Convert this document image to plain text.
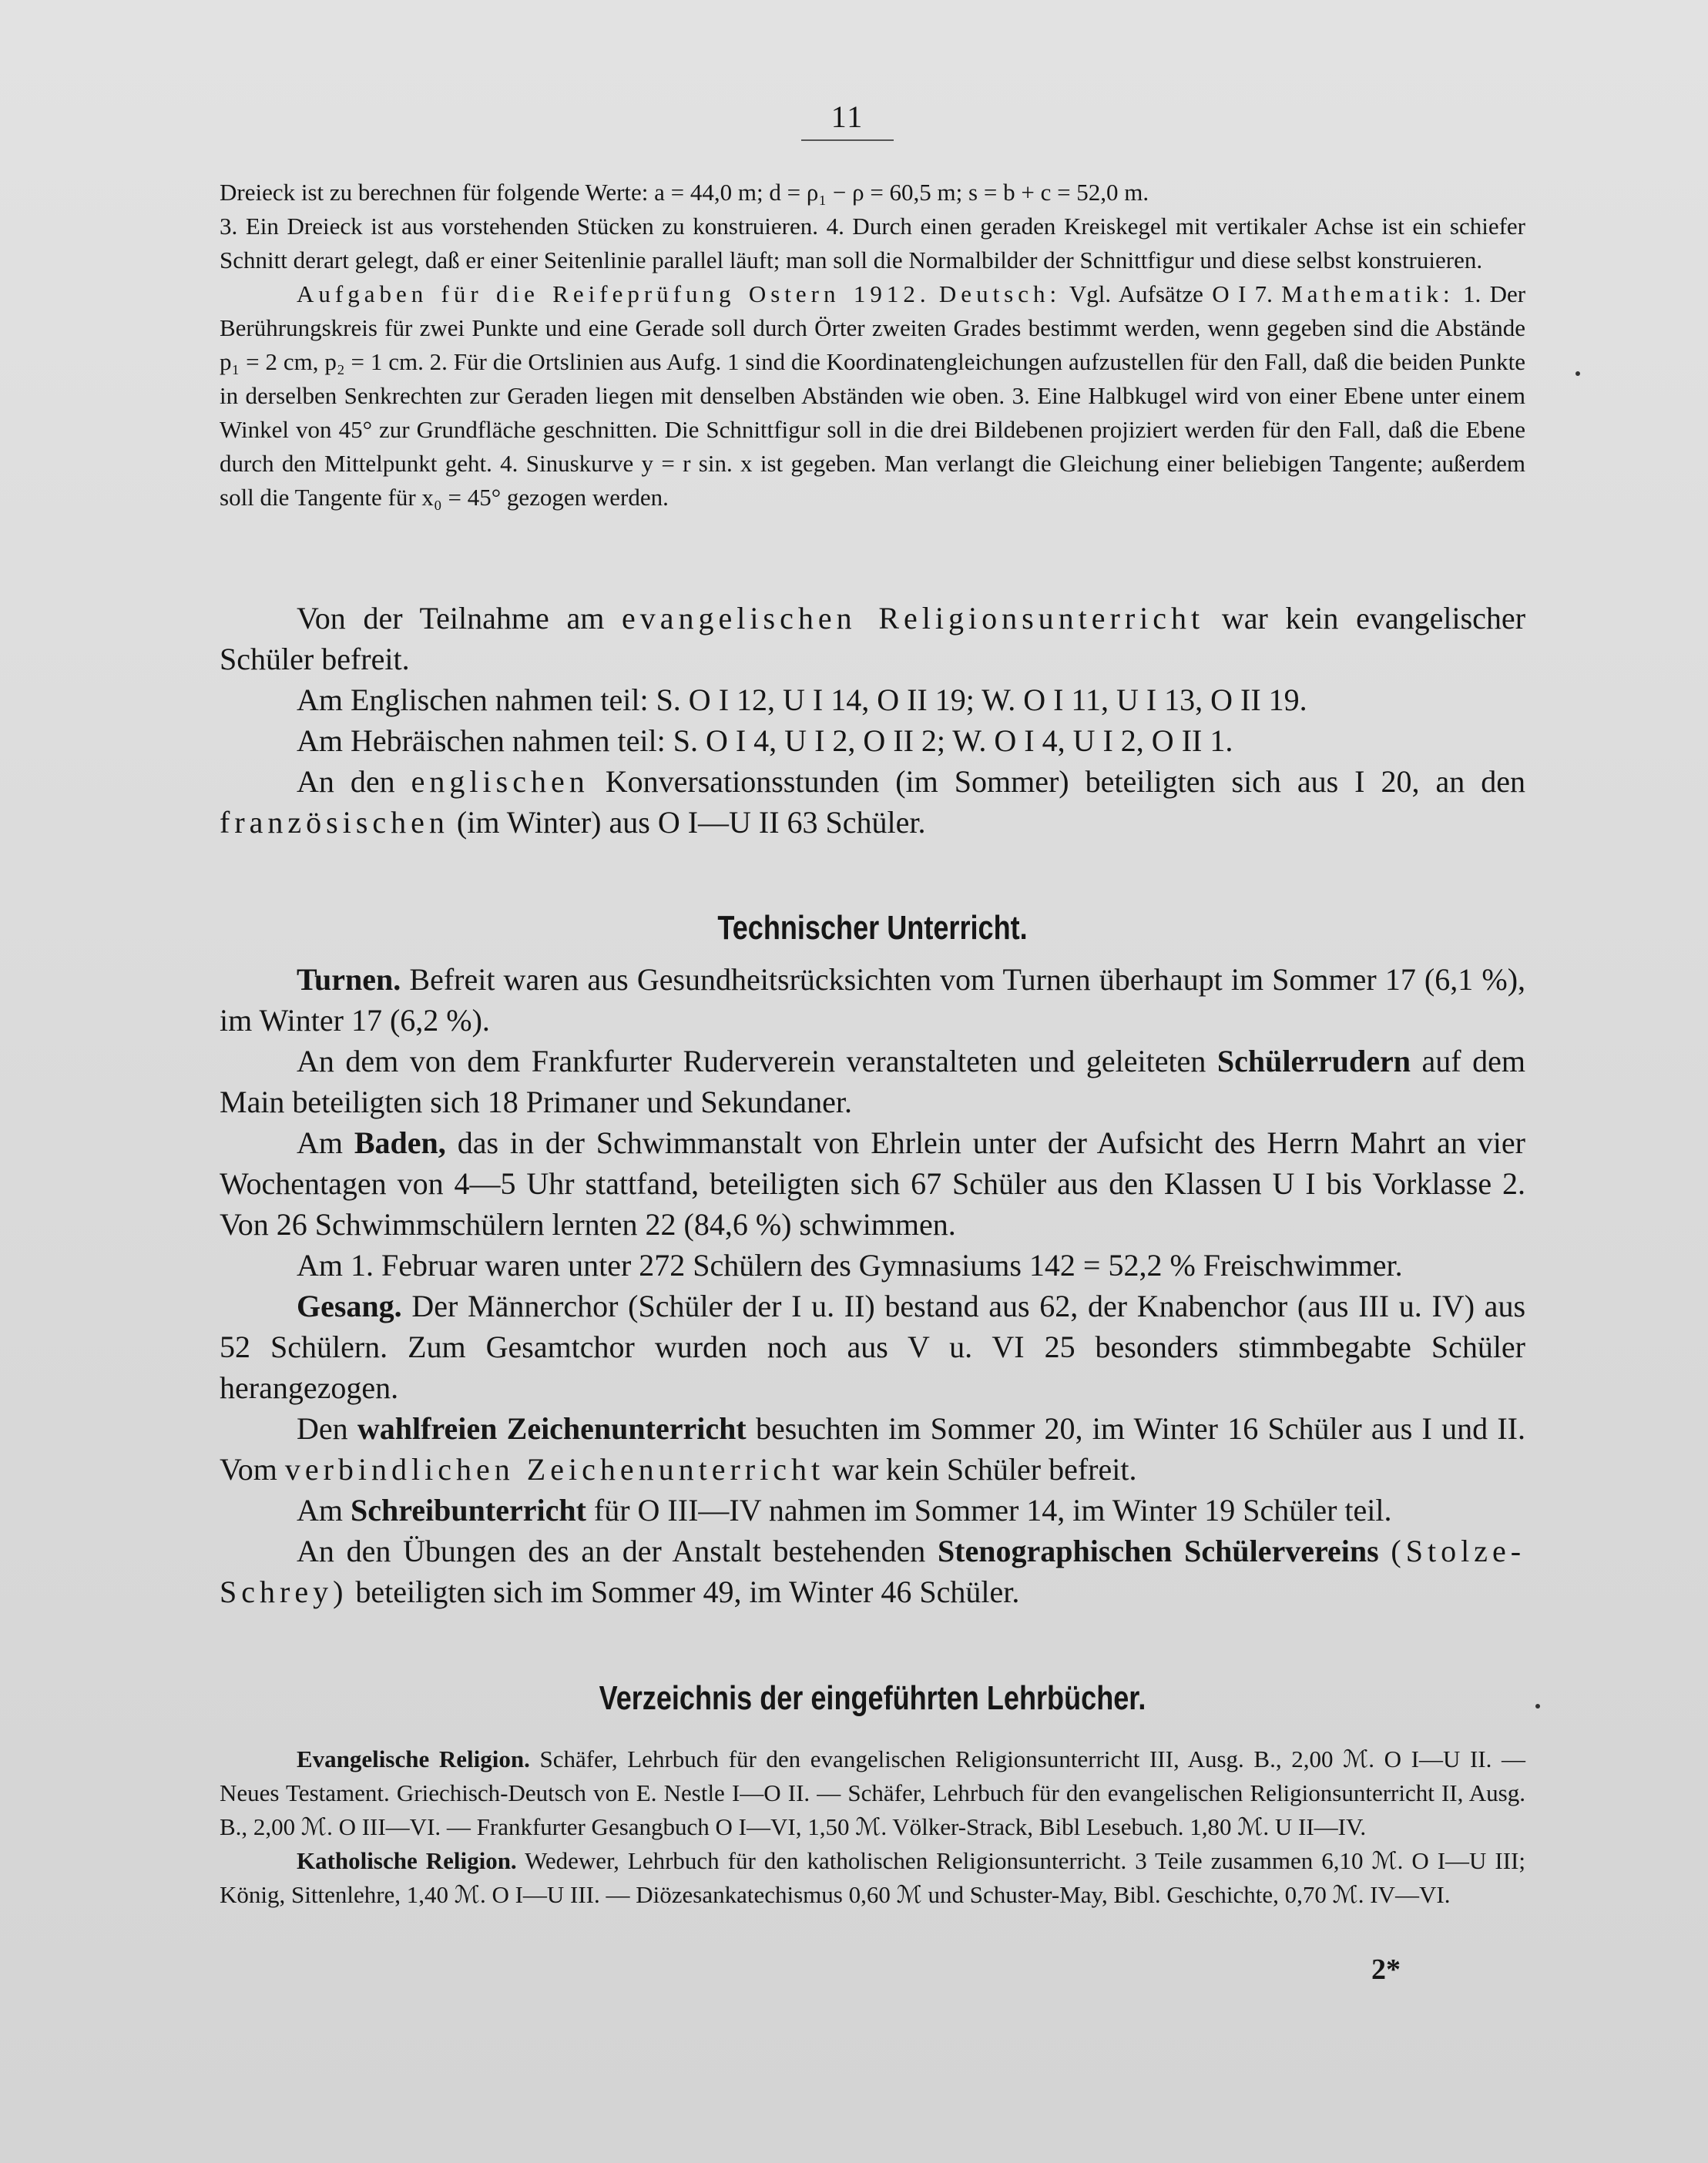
11

Dreieck ist zu berechnen für folgende Werte: a = 44,0 m; d = ρ₁ − ρ = 60,5 m; s = b + c = 52,0 m.

3. Ein Dreieck ist aus vorstehenden Stücken zu konstruieren. 4. Durch einen geraden Kreiskegel mit vertikaler Achse ist ein schiefer Schnitt derart gelegt, daß er einer Seitenlinie parallel läuft; man soll die Normalbilder der Schnittfigur und diese selbst konstruieren.

Aufgaben für die Reifeprüfung Ostern 1912. Deutsch: Vgl. Aufsätze O I 7. Mathematik: 1. Der Berührungskreis für zwei Punkte und eine Gerade soll durch Örter zweiten Grades bestimmt werden, wenn gegeben sind die Abstände p₁ = 2 cm, p₂ = 1 cm. 2. Für die Ortslinien aus Aufg. 1 sind die Koordinatengleichungen aufzustellen für den Fall, daß die beiden Punkte in derselben Senkrechten zur Geraden liegen mit denselben Abständen wie oben. 3. Eine Halbkugel wird von einer Ebene unter einem Winkel von 45° zur Grundfläche geschnitten. Die Schnittfigur soll in die drei Bildebenen projiziert werden für den Fall, daß die Ebene durch den Mittelpunkt geht. 4. Sinuskurve y = r sin. x ist gegeben. Man verlangt die Gleichung einer beliebigen Tangente; außerdem soll die Tangente für x₀ = 45° gezogen werden.

Von der Teilnahme am evangelischen Religionsunterricht war kein evangelischer Schüler befreit.

Am Englischen nahmen teil: S. O I 12, U I 14, O II 19; W. O I 11, U I 13, O II 19.

Am Hebräischen nahmen teil: S. O I 4, U I 2, O II 2; W. O I 4, U I 2, O II 1.

An den englischen Konversationsstunden (im Sommer) beteiligten sich aus I 20, an den französischen (im Winter) aus O I—U II 63 Schüler.

Technischer Unterricht.

Turnen. Befreit waren aus Gesundheitsrücksichten vom Turnen überhaupt im Sommer 17 (6,1 %), im Winter 17 (6,2 %).

An dem von dem Frankfurter Ruderverein veranstalteten und geleiteten Schülerrudern auf dem Main beteiligten sich 18 Primaner und Sekundaner.

Am Baden, das in der Schwimmanstalt von Ehrlein unter der Aufsicht des Herrn Mahrt an vier Wochentagen von 4—5 Uhr stattfand, beteiligten sich 67 Schüler aus den Klassen U I bis Vorklasse 2. Von 26 Schwimmschülern lernten 22 (84,6 %) schwimmen.

Am 1. Februar waren unter 272 Schülern des Gymnasiums 142 = 52,2 % Freischwimmer.

Gesang. Der Männerchor (Schüler der I u. II) bestand aus 62, der Knabenchor (aus III u. IV) aus 52 Schülern. Zum Gesamtchor wurden noch aus V u. VI 25 besonders stimmbegabte Schüler herangezogen.

Den wahlfreien Zeichenunterricht besuchten im Sommer 20, im Winter 16 Schüler aus I und II. Vom verbindlichen Zeichenunterricht war kein Schüler befreit.

Am Schreibunterricht für O III—IV nahmen im Sommer 14, im Winter 19 Schüler teil.

An den Übungen des an der Anstalt bestehenden Stenographischen Schülervereins (Stolze-Schrey) beteiligten sich im Sommer 49, im Winter 46 Schüler.

Verzeichnis der eingeführten Lehrbücher.

Evangelische Religion. Schäfer, Lehrbuch für den evangelischen Religionsunterricht III, Ausg. B., 2,00 ℳ. O I—U II. — Neues Testament. Griechisch-Deutsch von E. Nestle I—O II. — Schäfer, Lehrbuch für den evangelischen Religionsunterricht II, Ausg. B., 2,00 ℳ. O III—VI. — Frankfurter Gesangbuch O I—VI, 1,50 ℳ. Völker-Strack, Bibl Lesebuch. 1,80 ℳ. U II—IV.

Katholische Religion. Wedewer, Lehrbuch für den katholischen Religionsunterricht. 3 Teile zusammen 6,10 ℳ. O I—U III; König, Sittenlehre, 1,40 ℳ. O I—U III. — Diözesankatechismus 0,60 ℳ und Schuster-May, Bibl. Geschichte, 0,70 ℳ. IV—VI.

2*
